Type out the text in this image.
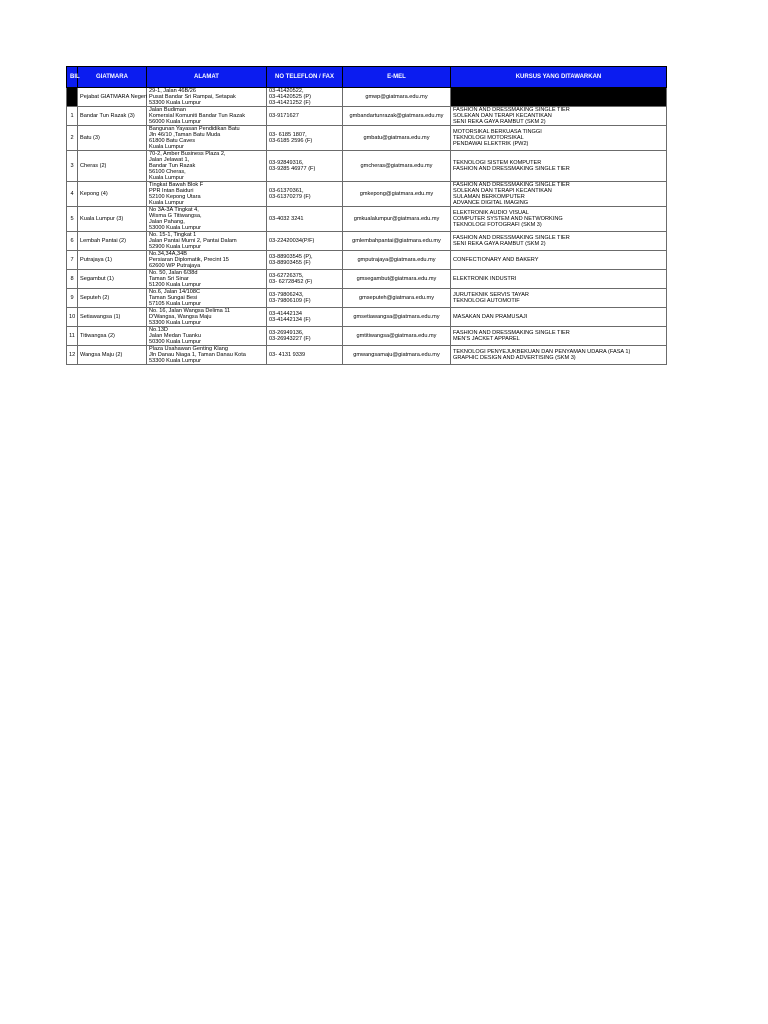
BIL	GIATMARA	ALAMAT	NO TELEFLON / FAX	E-MEL	KURSUS YANG DITAWARKAN
	Pejabat GIATMARA Negeri	29-1, Jalan 46B/26
Pusat Bandar Sri Rampai, Setapak
53300 Kuala Lumpur	03-41420522,
03-41420525 (P)
03-41421252 (F)	gmwp@giatmara.edu.my	
1	Bandar Tun Razak (3)	Jalan Budiman
Komersial Komuniti Bandar Tun Razak
56000 Kuala Lumpur	03-9171627	gmbandartunrazak@giatmara.edu.my	FASHION AND DRESSMAKING SINGLE TIER
SOLEKAN DAN TERAPI KECANTIKAN
SENI REKA GAYA RAMBUT (SKM 2)

2	Batu (3)	Bangunan Yayasan Pendidikan Batu
Jln 46/10 ,Taman Batu Muda
61800 Batu Caves
Kuala Lumpur	03- 6185 1807,
03-6185 2596 (F)	gmbatu@giatmara.edu.my	MOTORSIKAL BERKUASA TINGGI
TEKNOLOGI MOTORSIKAL
PENDAWAI ELEKTRIK (PW2)

3	Cheras (2)	70-2, Amber Business Plaza 2,
Jalan Jelawat 1,
Bandar Tun Razak
56100 Cheras,
Kuala Lumpur	03-92849316,
03-9285 46977 (F)	gmcheras@giatmara.edu.my	TEKNOLOGI SISTEM KOMPUTER
FASHION AND DRESSMAKING SINGLE TIER

4	Kepong (4)	Tingkat Bawah Blok F
PPR Intan Baiduri
52100 Kepong Utara
Kuala Lumpur	03-61370361,
03-61370279 (F)	gmkepong@giatmara.edu.my	FASHION AND DRESSMAKING SINGLE TIER
SOLEKAN DAN TERAPI KECANTIKAN
SULAMAN BERKOMPUTER
ADVANCE DIGITAL IMAGING

5	Kuala Lumpur (3)	No 3A-3A Tingkat 4,
Wisma G Titiwangsa,
Jalan Pahang,
53000 Kuala Lumpur	03-4032 3241	gmkualalumpur@giatmara.edu.my	ELEKTRONIK AUDIO VISUAL
COMPUTER SYSTEM AND NETWORKING
TEKNOLOGI FOTOGRAFI (SKM 3)

6	Lembah Pantai (2)	No. 15-1, Tingkat 1
Jalan Pantai Murni 2, Pantai Dalam
52900 Kuala Lumpur	03-22420034(P/F)	gmlembahpantai@giatmara.edu.my	FASHION AND DRESSMAKING SINGLE TIER
SENI REKA GAYA RAMBUT (SKM 2)

7	Putrajaya (1)	No.34,34A,34B
Persiaran Diplomatik, Precint 15
62600 WP Putrajaya	03-88903545 (P),
03-88903455 (F)	gmputrajaya@giatmara.edu.my	CONFECTIONARY AND BAKERY

8	Segambut (1)	No. 50, Jalan 6/38d
Taman Sri Sinar
51200 Kuala Lumpur	03-62726375,
03- 62728452 (F)	gmsegambut@giatmara.edu.my	ELEKTRONIK INDUSTRI

9	Seputeh (2)	No.6, Jalan 14/108C
Taman Sungai Besi
57105 Kuala Lumpur	03-79806243,
03-79806109 (F)	gmseputeh@giatmara.edu.my	JURUTEKNIK SERVIS TAYAR
TEKNOLOGI AUTOMOTIF

10	Setiawangsa (1)	No. 16, Jalan Wangsa Delima 11
D'Wangsa, Wangsa Maju
53300 Kuala Lumpur	03-41442134
03-41442134 (F)	gmsetiawangsa@giatmara.edu.my	MASAKAN DAN PRAMUSAJI

11	Titiwangsa (2)	No.13D
Jalan Medan Tuanku
50300 Kuala Lumpur	03-26949136,
03-26943227 (F)	gmtitiwangsa@giatmara.edu.my	FASHION AND DRESSMAKING SINGLE TIER
MEN'S JACKET APPAREL

12	Wangsa Maju (2)	Plaza Usahawan Genting Klang
Jln Danau Niaga 1, Taman Danau Kota
53300 Kuala Lumpur	03- 4131 9339	gmwangsamaju@giatmara.edu.my	TEKNOLOGI PENYEJUKBEKUAN DAN PENYAMAN UDARA (FASA 1)
GRAPHIC DESIGN AND ADVERTISING (SKM 3)
